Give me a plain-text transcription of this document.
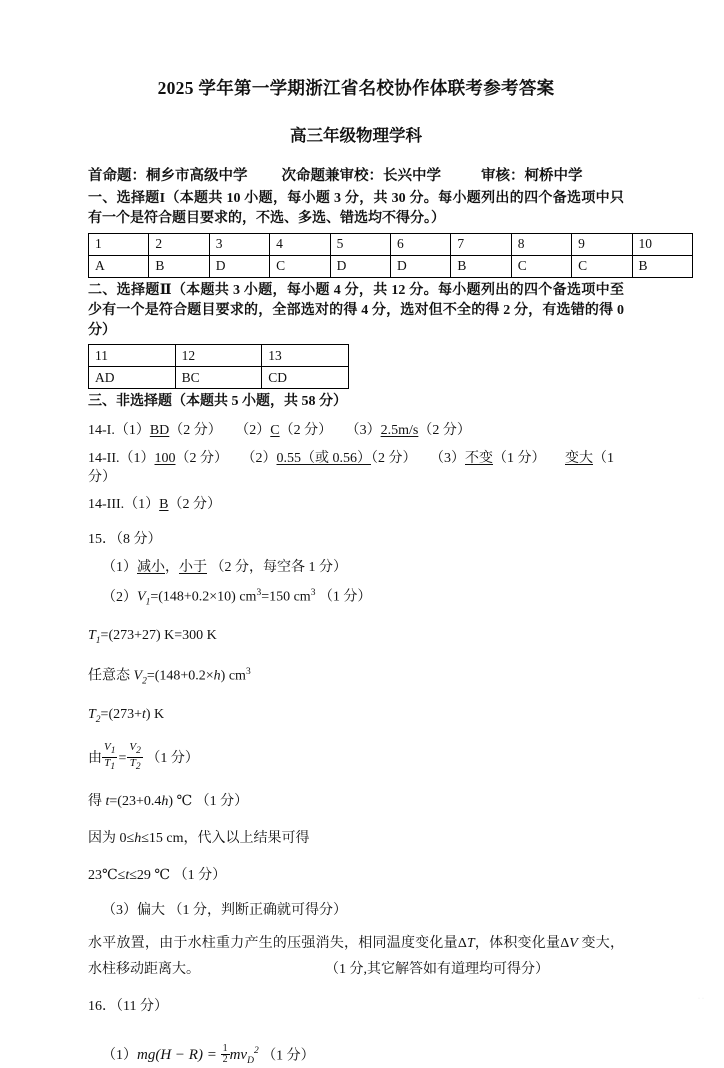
2025 学年第一学期浙江省名校协作体联考参考答案
高三年级物理学科
首命题：桐乡市高级中学 次命题兼审校：长兴中学	审核：柯桥中学
一、选择题I（本题共 10 小题，每小题 3 分，共 30 分。每小题列出的四个备选项中只有一个是符合题目要求的，不选、多选、错选均不得分。）
1	2	3	4	5	6	7	8	9	10
A	B	D	C	D	D	B	C	C	B
二、选择题Ⅱ（本题共 3 小题，每小题 4 分，共 12 分。每小题列出的四个备选项中至少有一个是符合题目要求的，全部选对的得 4 分，选对但不全的得 2 分，有选错的得 0 分）
11	12	13
AD	BC	CD
三、非选择题（本题共 5 小题，共 58 分）
14-I.（1）BD（2 分） （2）C（2 分） （3）2.5m/s（2 分）
14-II.（1）100（2 分） （2）0.55（或 0.56）（2 分） （3）不变（1 分） 变大（1 分）
14-III.（1）B（2 分）
15．（8 分）
（1）减小，小于 （2 分，每空各 1 分）
$(2)V_1=(148+0.2\times 10)$ $cm^3=150$ $cm^3$ （1 分）
$T_1=(273+27)$ K=300 K
任意态 $V_2=(148+0.2\times h)$ $cm^3$
$T_2=(273+t)$ K
由 $\frac{V1}{T1} = \frac{V2}{T2} (1$ 分）
得 t=(23+0.4h) ℃ （1 分）
因为 0≤h≤15 cm，代入以上结果可得
23℃≤t≤29 ℃ （1 分）
（3）偏大 （1 分，判断正确就可得分）
水平放置，由于水柱重力产生的压强消失，相同温度变化量ΔT，体积变化量ΔV 变大，水柱移动距离大。	（1 分,其它解答如有道理均可得分）
16．（11 分）
$(1)mg(H - R) = \frac{1}{2} mv_D^2$ （1 分）
··
